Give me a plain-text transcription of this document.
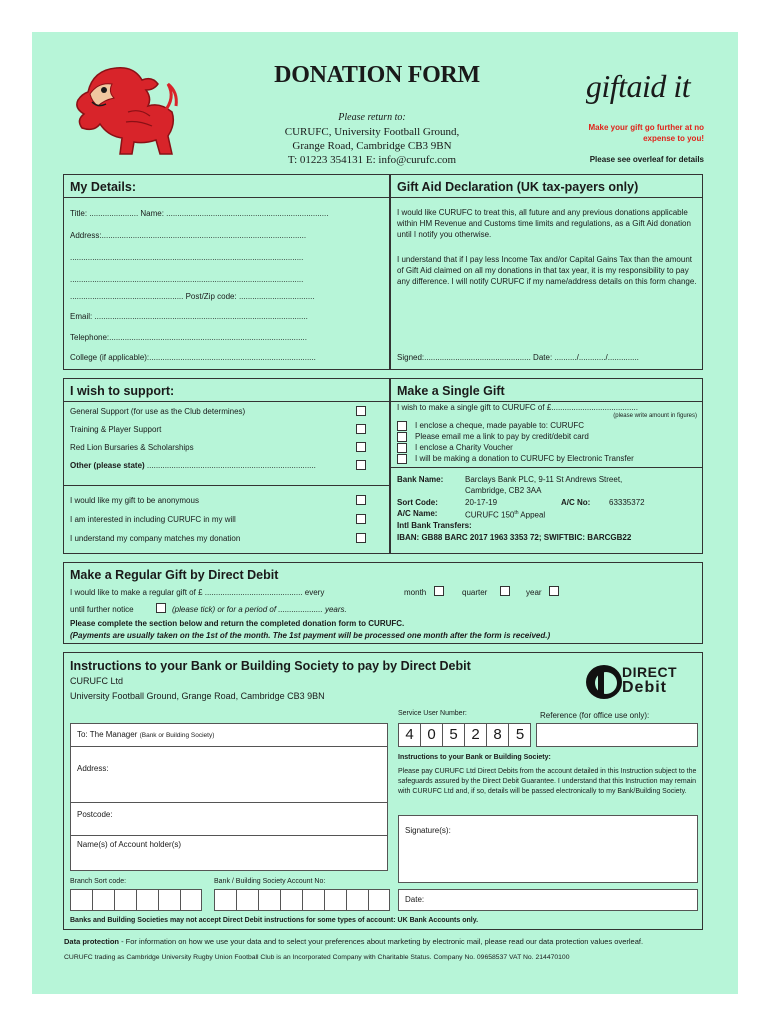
DONATION FORM
Please return to:
CURUFC, University Football Ground,
Grange Road, Cambridge CB3 9BN
T: 01223 354131 E: info@curufc.com
giftaid it
Make your gift go further at no
expense to you!
Please see overleaf for details
My Details:
Title: ...................... Name: .........................................................................
Address:............................................................................................
.........................................................................................................
.........................................................................................................
................................................... Post/Zip code: ..................................
Email: ................................................................................................
Telephone:.........................................................................................
College (if applicable):...........................................................................
Gift Aid Declaration (UK tax-payers only)
I would like CURUFC to treat this, all future and any previous donations applicable within HM Revenue and Customs time limits and regulations, as a Gift Aid donation until I notify you otherwise.
I understand that if I pay less Income Tax and/or Capital Gains Tax than the amount of Gift Aid claimed on all my donations in that tax year, it is my responsibility to pay any difference. I will notify CURUFC if my name/address details on this form change.
Signed:................................................ Date: ........../............/..............
I wish to support:
General Support (for use as the Club determines)
Training & Player Support
Red Lion Bursaries & Scholarships
Other (please state) ............................................................................
I would like my gift to be anonymous
I am interested in including CURUFC in my will
I understand my company matches my donation
Make a Single Gift
I wish to make a single gift to CURUFC of £.......................................
(please write amount in figures)
I enclose a cheque, made payable to: CURUFC
Please email me a link to pay by credit/debit card
I enclose a Charity Voucher
I will be making a donation to CURUFC by Electronic Transfer
Bank Name:	Barclays Bank PLC, 9-11 St Andrews Street,
Cambridge, CB2 3AA
Sort Code:	20-17-19	A/C No: 63335372
A/C Name:	CURUFC 150th Appeal
Intl Bank Transfers:
IBAN: GB88 BARC 2017 1963 3353 72; SWIFTBIC: BARCGB22
Make a Regular Gift by Direct Debit
I would like to make a regular gift of £ ............................................ every	month	quarter	year
until further notice	(please tick) or for a period of .................... years.
Please complete the section below and return the completed donation form to CURUFC.
(Payments are usually taken on the 1st of the month. The 1st payment will be processed one month after the form is received.)
Instructions to your Bank or Building Society to pay by Direct Debit
CURUFC Ltd
University Football Ground, Grange Road, Cambridge CB3 9BN
DIRECT
Debit
Service User Number:	Reference (for office use only):
To: The Manager (Bank or Building Society)
Address:
Postcode:
Name(s) of Account holder(s)
4 0 5 2 8 5
Instructions to your Bank or Building Society:
Please pay CURUFC Ltd Direct Debits from the account detailed in this Instruction subject to the safeguards assured by the Direct Debit Guarantee. I understand that this Instruction may remain with CURUFC Ltd and, if so, details will be passed electronically to my Bank/Building Society.
Signature(s):
Branch Sort code:	Bank / Building Society Account No:
Date:
Banks and Building Societies may not accept Direct Debit instructions for some types of account: UK Bank Accounts only.
Data protection - For information on how we use your data and to select your preferences about marketing by electronic mail, please read our data protection values overleaf.
CURUFC trading as Cambridge University Rugby Union Football Club is an Incorporated Company with Charitable Status. Company No. 09658537 VAT No. 214470100
